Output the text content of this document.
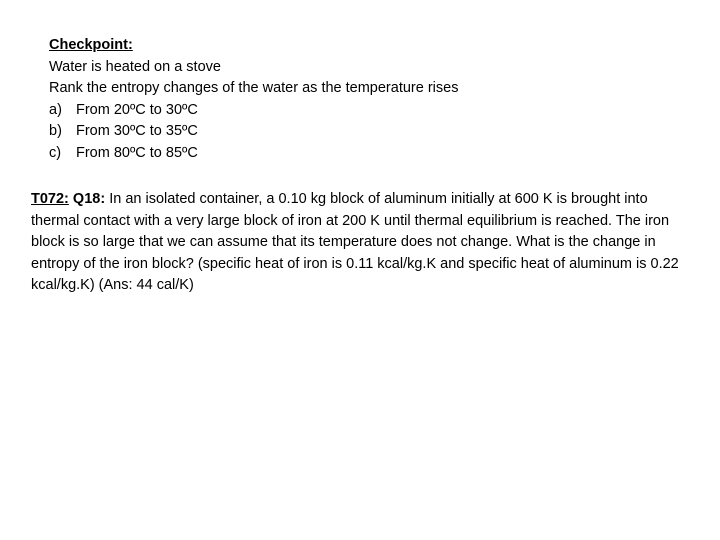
Checkpoint:
Water is heated on a stove
Rank the entropy changes of the water as the temperature rises
a) From 20ºC to 30ºC
b) From 30ºC to 35ºC
c)	From 80ºC to 85ºC
T072: Q18: In an isolated container, a 0.10 kg block of aluminum initially at 600 K is brought into thermal contact with a very large block of iron at 200 K until thermal equilibrium is reached. The iron block is so large that we can assume that its temperature does not change. What is the change in entropy of the iron block? (specific heat of iron is 0.11 kcal/kg.K and specific heat of aluminum is 0.22 kcal/kg.K) (Ans: 44 cal/K)
